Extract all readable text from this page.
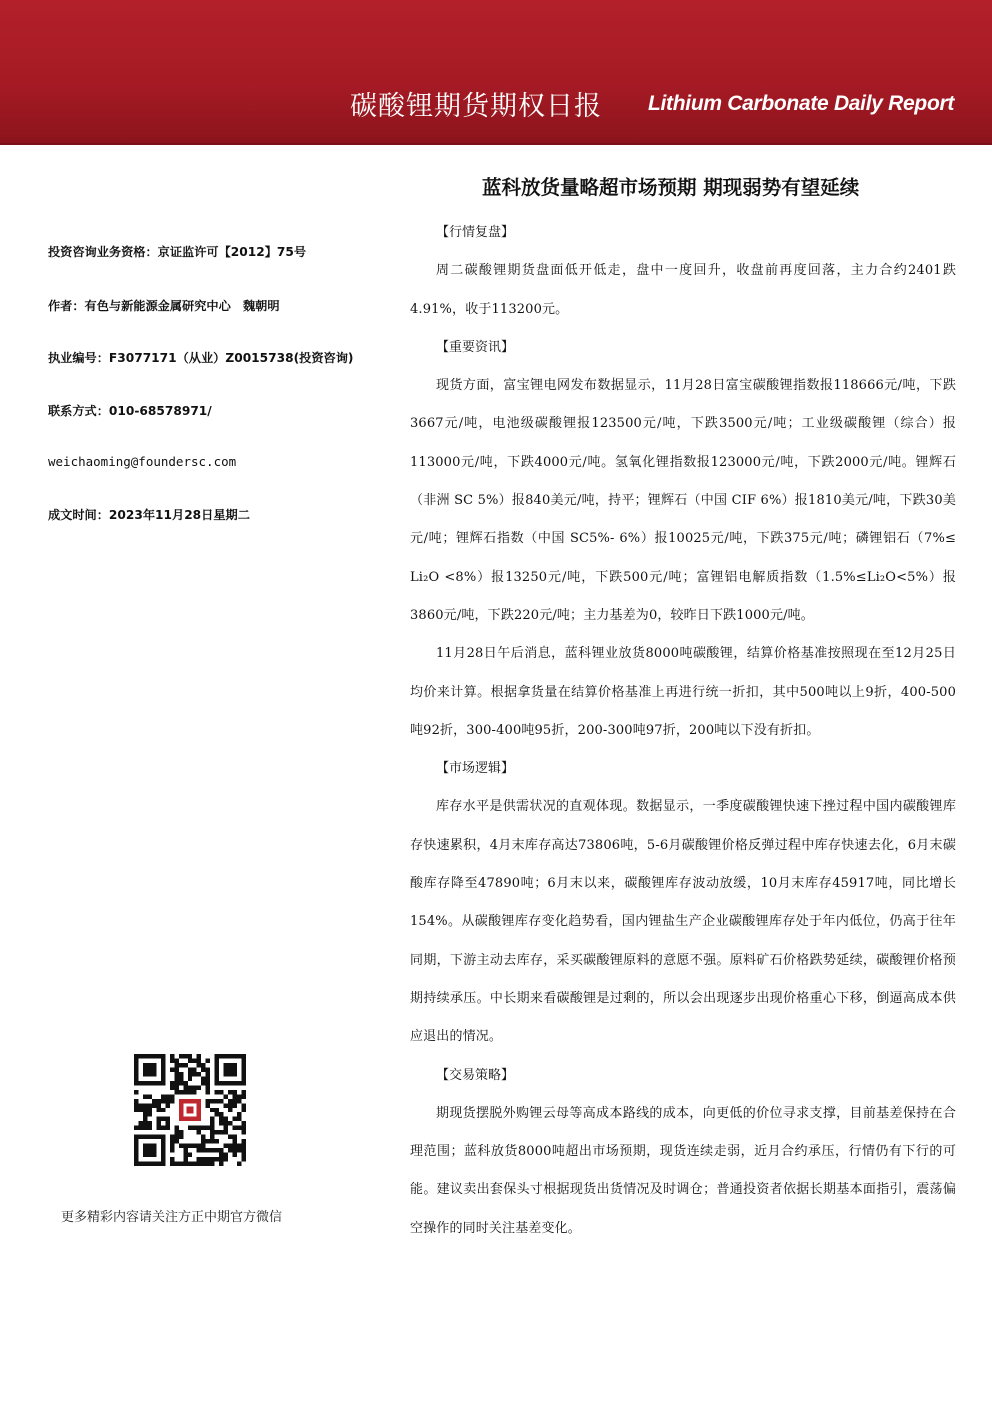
碳酸锂期货期权日报 Lithium Carbonate Daily Report
蓝科放货量略超市场预期 期现弱势有望延续
投资咨询业务资格：京证监许可【2012】75号
作者：有色与新能源金属研究中心　魏朝明
执业编号：F3077171（从业）Z0015738(投资咨询)
联系方式：010-68578971/
weichaoming@foundersc.com
成文时间：2023年11月28日星期二
更多精彩内容请关注方正中期官方微信
【行情复盘】

周二碳酸锂期货盘面低开低走，盘中一度回升，收盘前再度回落，主力合约2401跌4.91%，收于113200元。

【重要资讯】

现货方面，富宝锂电网发布数据显示，11月28日富宝碳酸锂指数报118666元/吨，下跌3667元/吨，电池级碳酸锂报123500元/吨，下跌3500元/吨；工业级碳酸锂（综合）报113000元/吨，下跌4000元/吨。氢氧化锂指数报123000元/吨，下跌2000元/吨。锂辉石（非洲 SC 5%）报840美元/吨，持平；锂辉石（中国 CIF 6%）报1810美元/吨，下跌30美元/吨；锂辉石指数（中国 SC5%- 6%）报10025元/吨，下跌375元/吨；磷锂铝石（7%≤ Li₂O <8%）报13250元/吨，下跌500元/吨；富锂铝电解质指数（1.5%≤Li₂O<5%）报3860元/吨，下跌220元/吨；主力基差为0，较昨日下跌1000元/吨。

11月28日午后消息，蓝科锂业放货8000吨碳酸锂，结算价格基准按照现在至12月25日均价来计算。根据拿货量在结算价格基准上再进行统一折扣，其中500吨以上9折，400-500吨92折，300-400吨95折，200-300吨97折，200吨以下没有折扣。

【市场逻辑】

库存水平是供需状况的直观体现。数据显示，一季度碳酸锂快速下挫过程中国内碳酸锂库存快速累积，4月末库存高达73806吨，5-6月碳酸锂价格反弹过程中库存快速去化，6月末碳酸库存降至47890吨；6月末以来，碳酸锂库存波动放缓，10月末库存45917吨，同比增长154%。从碳酸锂库存变化趋势看，国内锂盐生产企业碳酸锂库存处于年内低位，仍高于往年同期，下游主动去库存，采买碳酸锂原料的意愿不强。原料矿石价格跌势延续，碳酸锂价格预期持续承压。中长期来看碳酸锂是过剩的，所以会出现逐步出现价格重心下移，倒逼高成本供应退出的情况。

【交易策略】

期现货摆脱外购锂云母等高成本路线的成本，向更低的价位寻求支撑，目前基差保持在合理范围；蓝科放货8000吨超出市场预期，现货连续走弱，近月合约承压，行情仍有下行的可能。建议卖出套保头寸根据现货出货情况及时调仓；普通投资者依据长期基本面指引，震荡偏空操作的同时关注基差变化。
